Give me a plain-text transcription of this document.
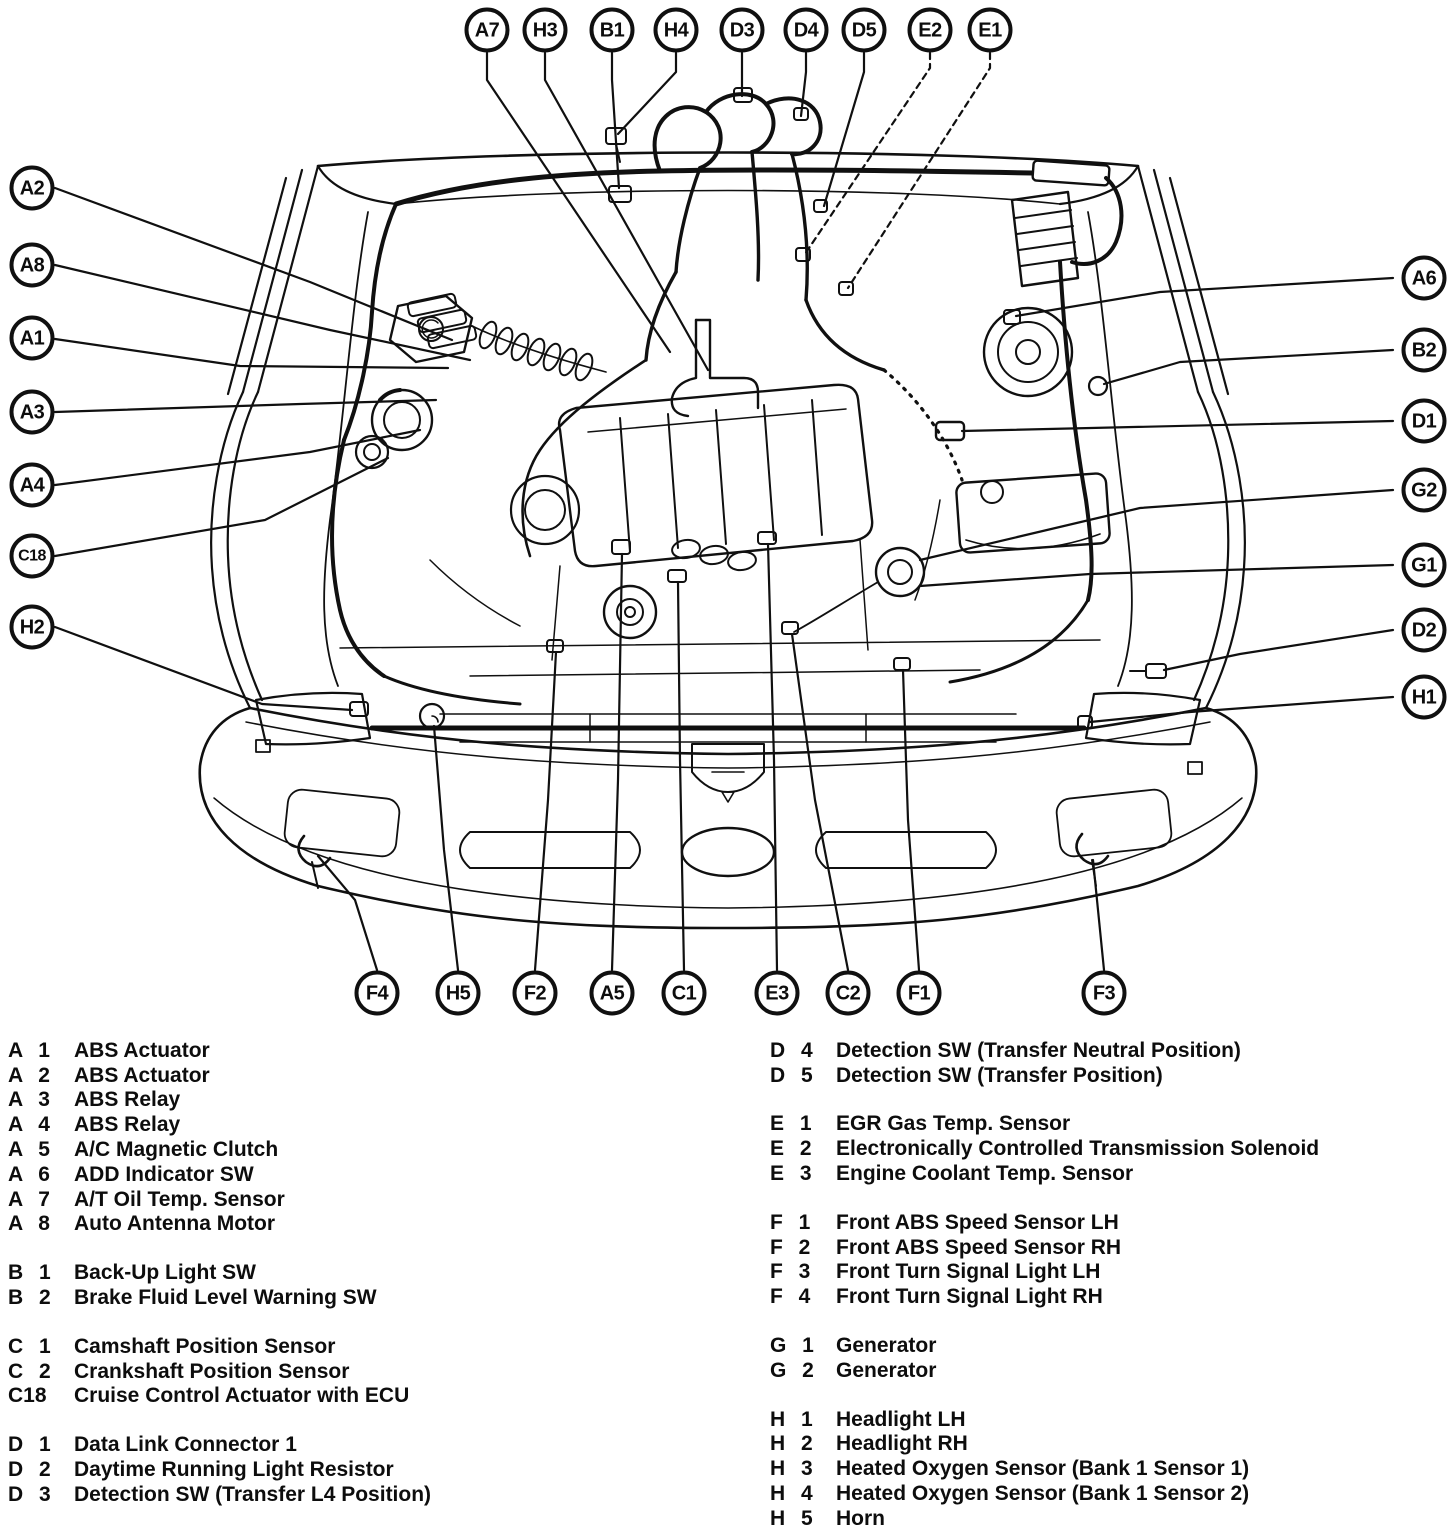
A7 H3 B1 H4 D3 D4 D5 E2 E1
A2
A8
A1
A3
A4
C18
H2
A6
B2
D1
G2
G1
D2
H1
F4	H5	F2	A5 C1	E3 C2 F1	F3
A 1	ABS Actuator
A 2	ABS Actuator
A 3	ABS Relay
A 4	ABS Relay
A 5	A/C Magnetic Clutch
A 6	ADD Indicator SW
A 7	A/T Oil Temp. Sensor
A 8	Auto Antenna Motor
B 1	Back-Up Light SW
B 2	Brake Fluid Level Warning SW
C 1	Camshaft Position Sensor
C 2	Crankshaft Position Sensor
C18	Cruise Control Actuator with ECU
D 1	Data Link Connector 1
D 2	Daytime Running Light Resistor
D 3	Detection SW (Transfer L4 Position)
D 4	Detection SW (Transfer Neutral Position)
D 5	Detection SW (Transfer Position)
E 1	EGR Gas Temp. Sensor
E 2	Electronically Controlled Transmission Solenoid
E 3	Engine Coolant Temp. Sensor
F 1	Front ABS Speed Sensor LH
F 2	Front ABS Speed Sensor RH
F 3	Front Turn Signal Light LH
F 4	Front Turn Signal Light RH
G 1	Generator
G 2	Generator
H 1	Headlight LH
H 2	Headlight RH
H 3	Heated Oxygen Sensor (Bank 1 Sensor 1)
H 4	Heated Oxygen Sensor (Bank 1 Sensor 2)
H 5	Horn
